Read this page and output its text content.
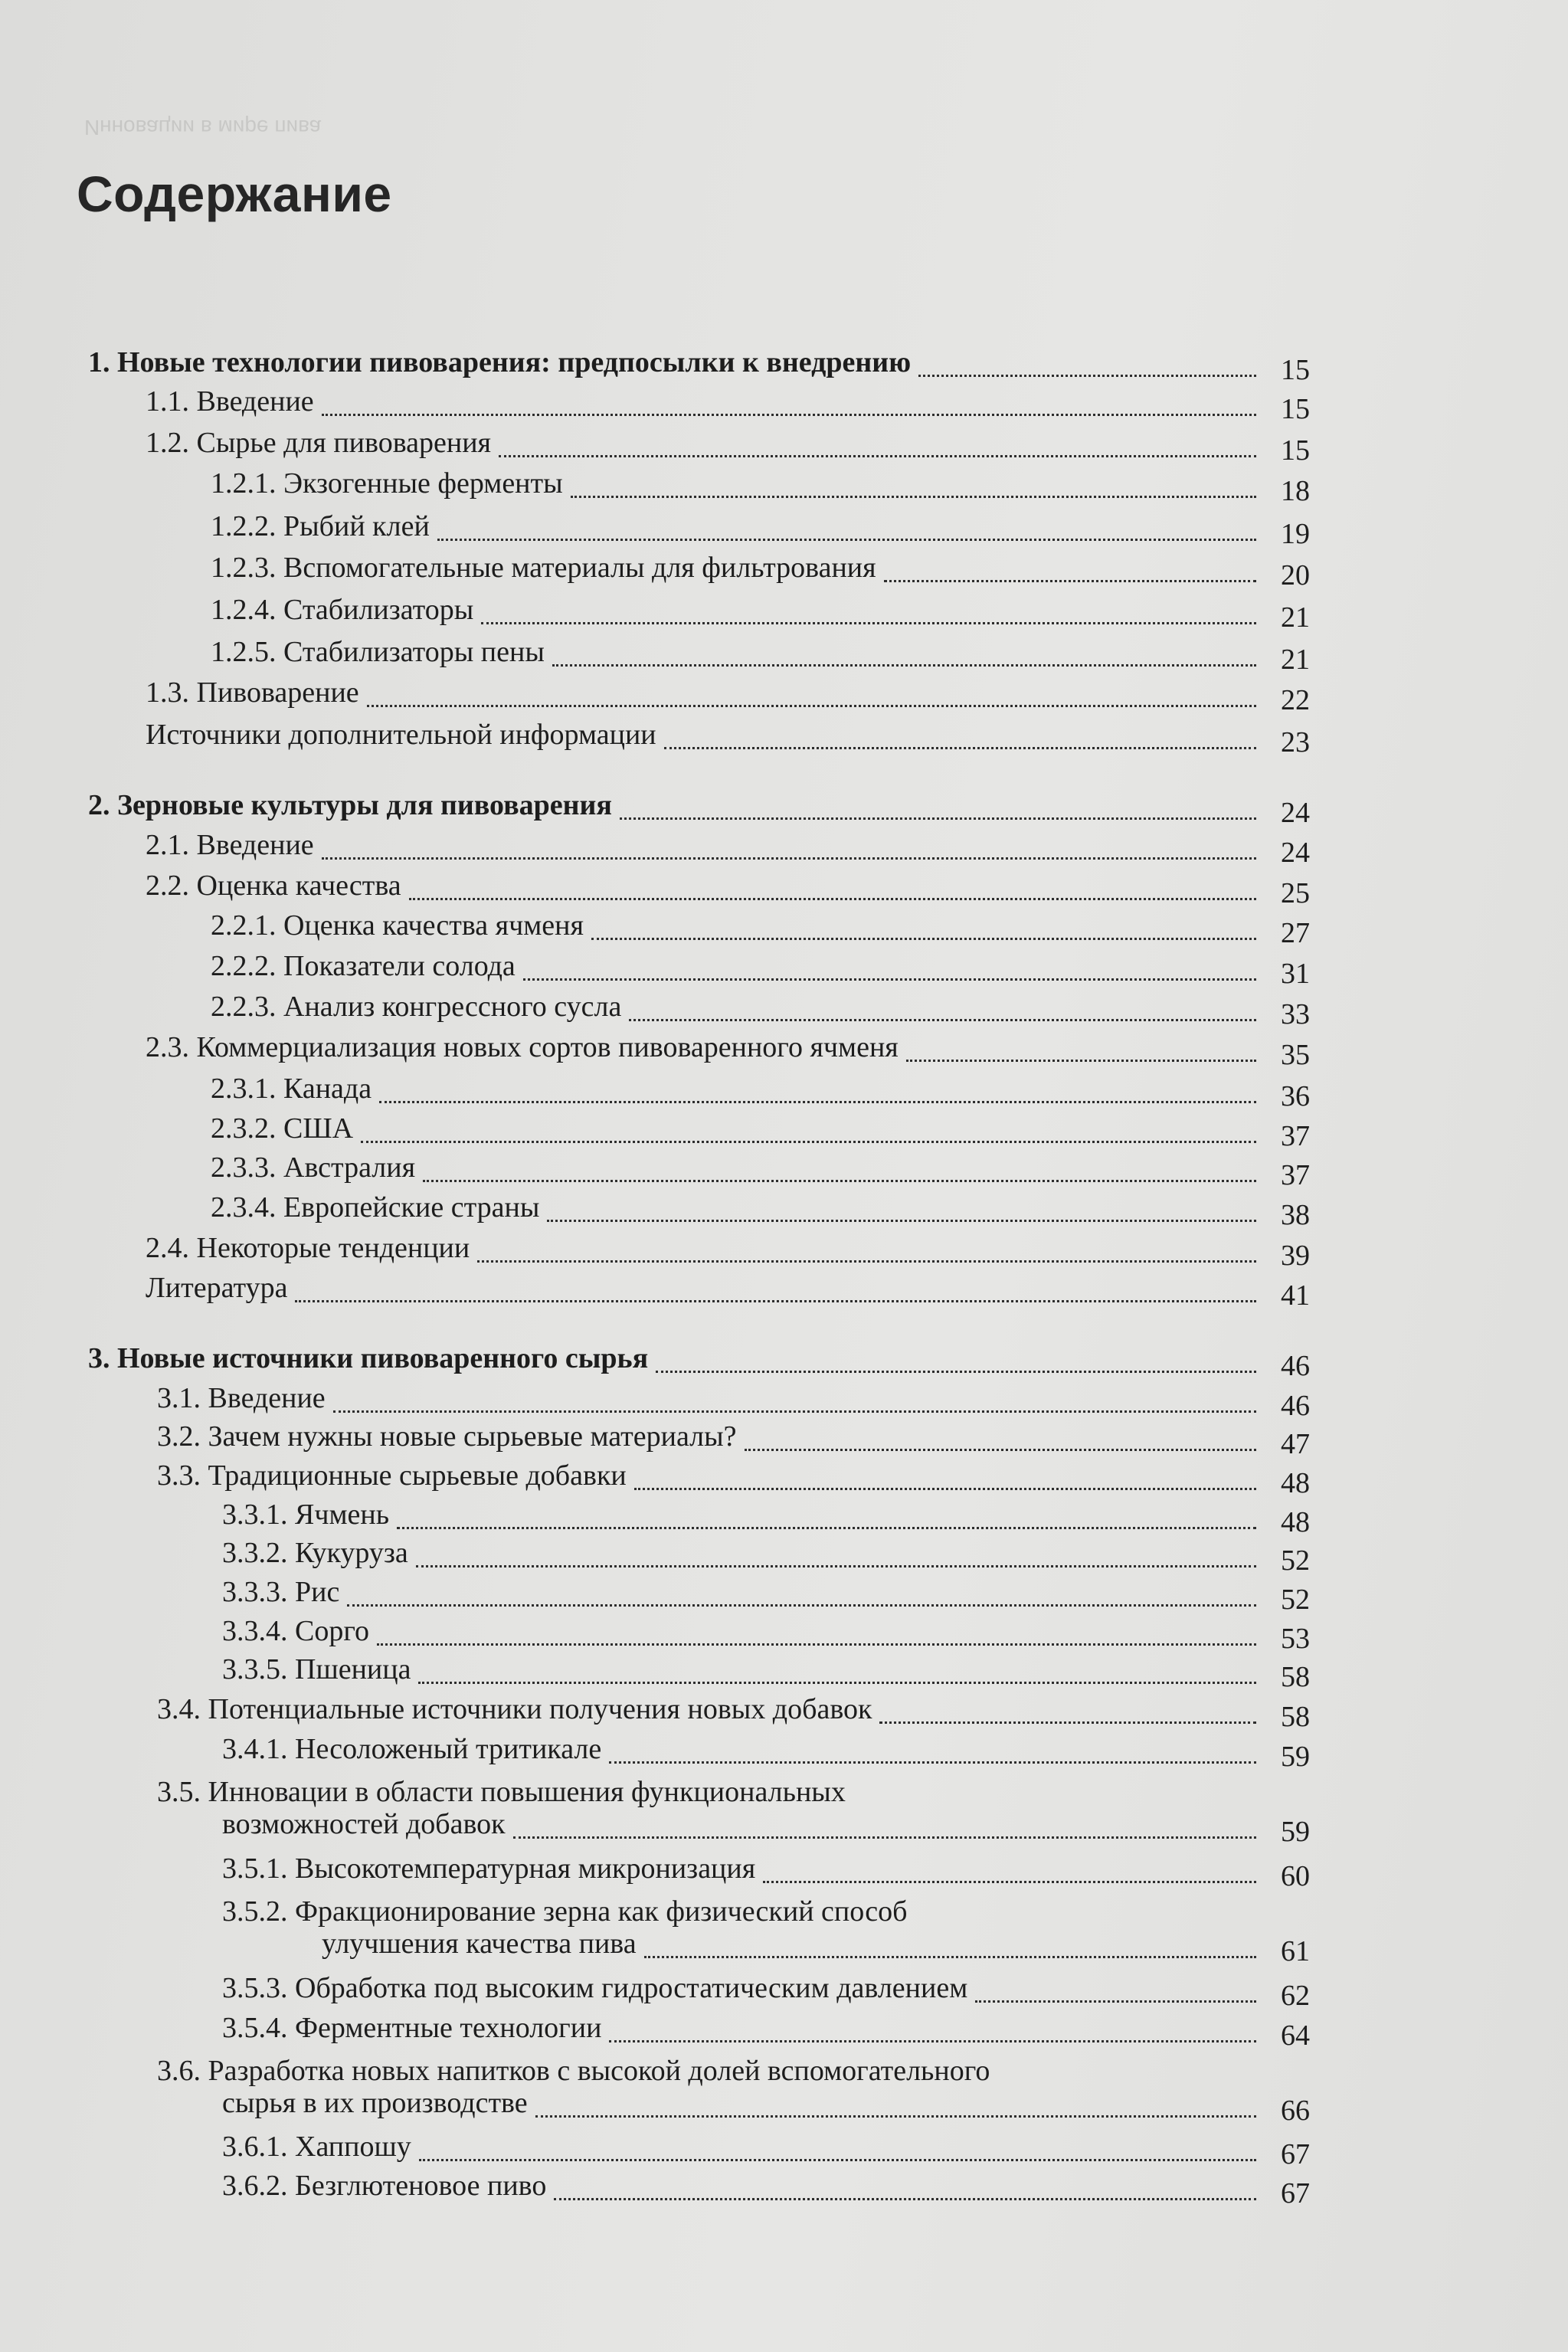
Инновации в мире пива
Содержание
1. Новые технологии пивоварения: предпосылки к внедрению	15
1.1. Введение	15
1.2. Сырье для пивоварения	15
1.2.1. Экзогенные ферменты	18
1.2.2. Рыбий клей	19
1.2.3. Вспомогательные материалы для фильтрования	20
1.2.4. Стабилизаторы	21
1.2.5. Стабилизаторы пены	21
1.3. Пивоварение	22
Источники дополнительной информации	23
2. Зерновые культуры для пивоварения	24
2.1. Введение	24
2.2. Оценка качества	25
2.2.1. Оценка качества ячменя	27
2.2.2. Показатели солода	31
2.2.3. Анализ конгрессного сусла	33
2.3. Коммерциализация новых сортов пивоваренного ячменя	35
2.3.1. Канада	36
2.3.2. США	37
2.3.3. Австралия	37
2.3.4. Европейские страны	38
2.4. Некоторые тенденции	39
Литература	41
3. Новые источники пивоваренного сырья	46
3.1. Введение	46
3.2. Зачем нужны новые сырьевые материалы?	47
3.3. Традиционные сырьевые добавки	48
3.3.1. Ячмень	48
3.3.2. Кукуруза	52
3.3.3. Рис	52
3.3.4. Сорго	53
3.3.5. Пшеница	58
3.4. Потенциальные источники получения новых добавок	58
3.4.1. Несоложеный тритикале	59
3.5. Инновации в области повышения функциональных
возможностей добавок	59
3.5.1. Высокотемпературная микронизация	60
3.5.2. Фракционирование зерна как физический способ
улучшения качества пива	61
3.5.3. Обработка под высоким гидростатическим давлением	62
3.5.4. Ферментные технологии	64
3.6. Разработка новых напитков с высокой долей вспомогательного
сырья в их производстве	66
3.6.1. Хаппошу	67
3.6.2. Безглютеновое пиво	67
